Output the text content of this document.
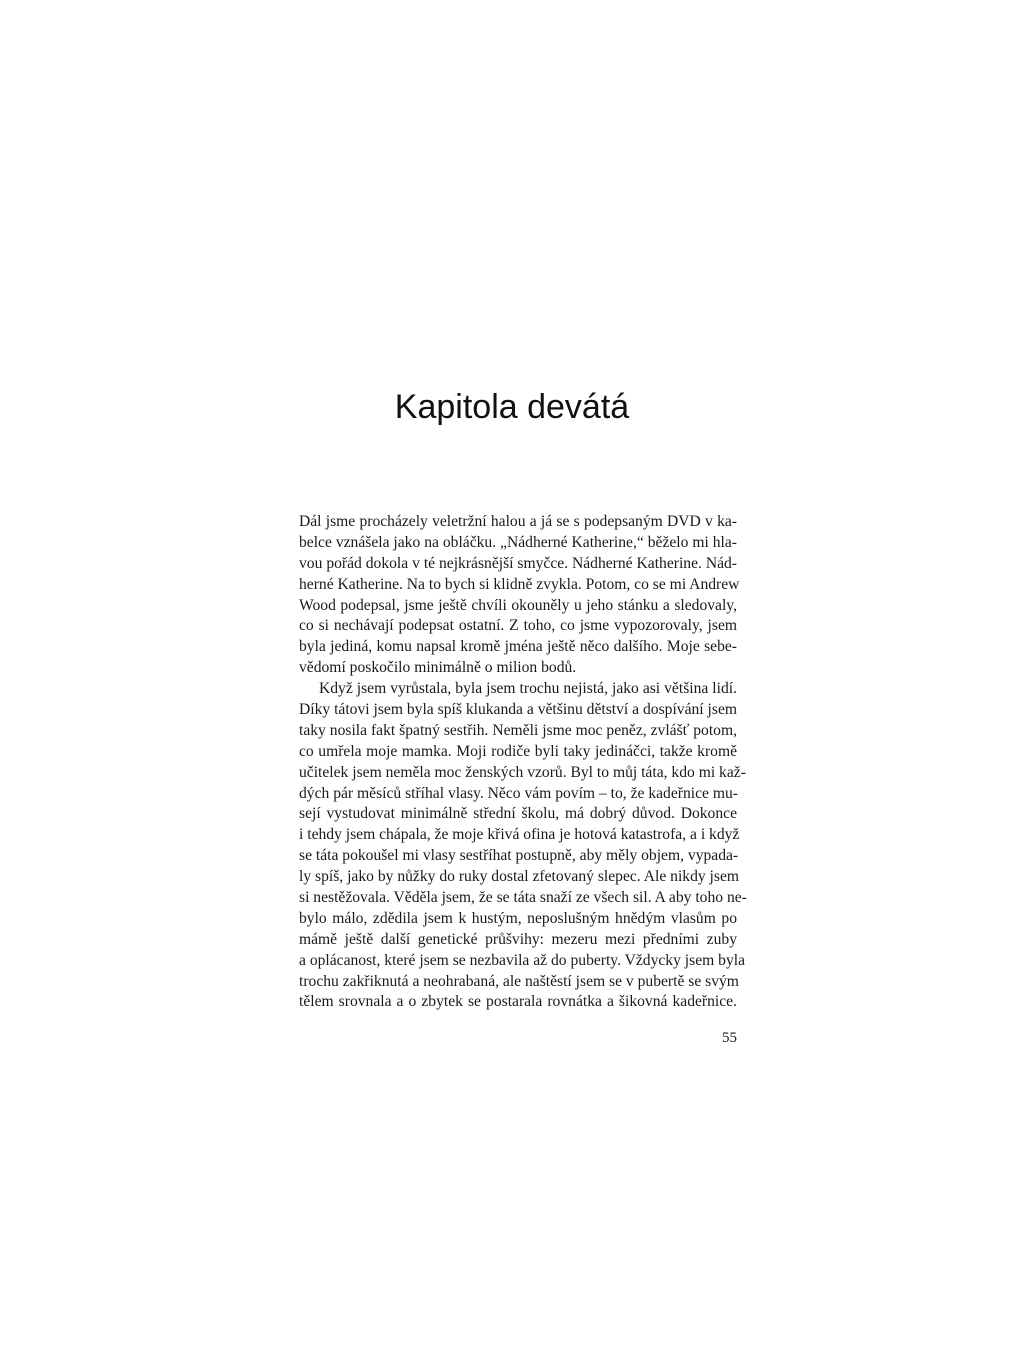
Kapitola devátá
Dál jsme procházely veletržní halou a já se s podepsaným DVD v ka-
belce vznášela jako na obláčku. „Nádherné Katherine,“ běželo mi hla-
vou pořád dokola v té nejkrásnější smyčce. Nádherné Katherine. Nád-
herné Katherine. Na to bych si klidně zvykla. Potom, co se mi Andrew
Wood podepsal, jsme ještě chvíli okouněly u jeho stánku a sledovaly,
co si nechávají podepsat ostatní. Z toho, co jsme vypozorovaly, jsem
byla jediná, komu napsal kromě jména ještě něco dalšího. Moje sebe-
vědomí poskočilo minimálně o milion bodů.
Když jsem vyrůstala, byla jsem trochu nejistá, jako asi většina lidí.
Díky tátovi jsem byla spíš klukanda a většinu dětství a dospívání jsem
taky nosila fakt špatný sestřih. Neměli jsme moc peněz, zvlášť potom,
co umřela moje mamka. Moji rodiče byli taky jedináčci, takže kromě
učitelek jsem neměla moc ženských vzorů. Byl to můj táta, kdo mi kaž-
dých pár měsíců stříhal vlasy. Něco vám povím – to, že kadeřnice mu-
sejí vystudovat minimálně střední školu, má dobrý důvod. Dokonce
i tehdy jsem chápala, že moje křivá ofina je hotová katastrofa, a i když
se táta pokoušel mi vlasy sestříhat postupně, aby měly objem, vypada-
ly spíš, jako by nůžky do ruky dostal zfetovaný slepec. Ale nikdy jsem
si nestěžovala. Věděla jsem, že se táta snaží ze všech sil. A aby toho ne-
bylo málo, zdědila jsem k hustým, neposlušným hnědým vlasům po
mámě ještě další genetické průšvihy: mezeru mezi předními zuby
a oplácanost, které jsem se nezbavila až do puberty. Vždycky jsem byla
trochu zakřiknutá a neohrabaná, ale naštěstí jsem se v pubertě se svým
tělem srovnala a o zbytek se postarala rovnátka a šikovná kadeřnice.
55
